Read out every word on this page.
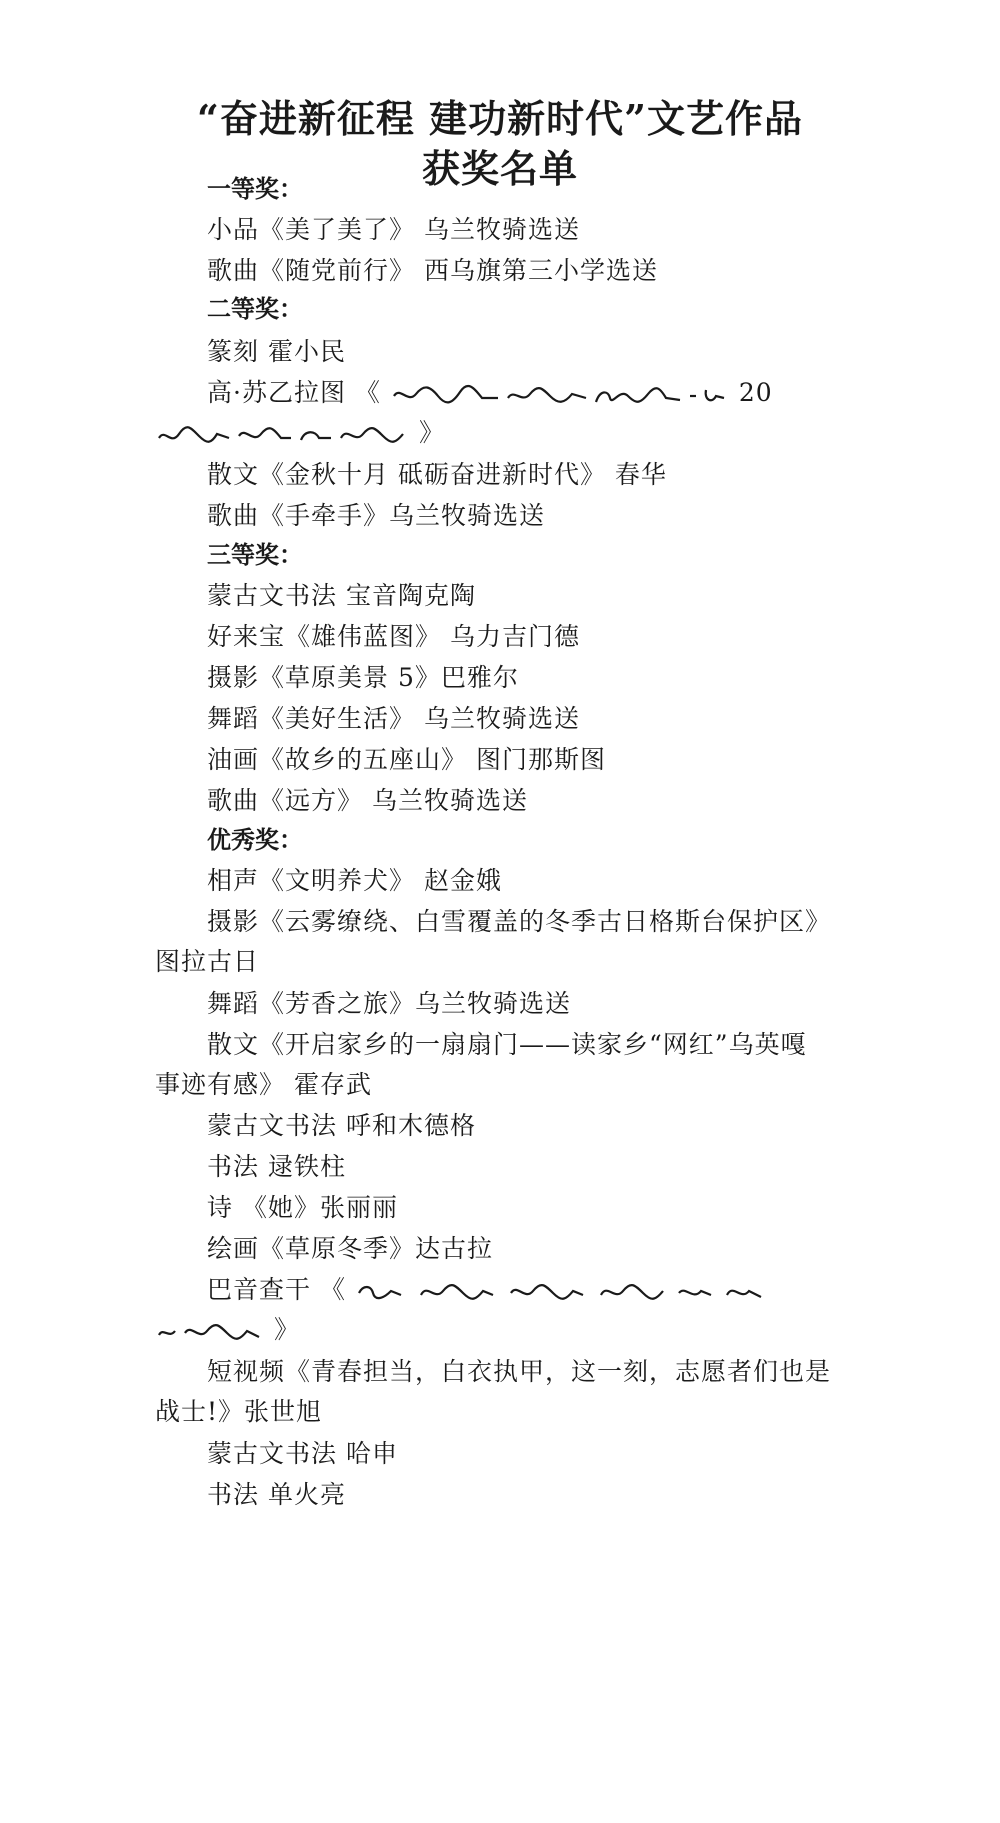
“奋进新征程 建功新时代”文艺作品
获奖名单
一等奖：
小品《美了美了》 乌兰牧骑选送
歌曲《随党前行》 西乌旗第三小学选送
二等奖：
篆刻 霍小民
高·苏乙拉图 《	20
》
散文《金秋十月 砥砺奋进新时代》 春华
歌曲《手牵手》乌兰牧骑选送
三等奖：
蒙古文书法 宝音陶克陶
好来宝《雄伟蓝图》 乌力吉门德
摄影《草原美景 5》巴雅尔
舞蹈《美好生活》 乌兰牧骑选送
油画《故乡的五座山》 图门那斯图
歌曲《远方》 乌兰牧骑选送
优秀奖：
相声《文明养犬》 赵金娥
摄影《云雾缭绕、白雪覆盖的冬季古日格斯台保护区》
图拉古日
舞蹈《芳香之旅》乌兰牧骑选送
散文《开启家乡的一扇扇门——读家乡“网红”乌英嘎
事迹有感》 霍存武
蒙古文书法 呼和木德格
书法 逯铁柱
诗 《她》张丽丽
绘画《草原冬季》达古拉
巴音查干 《
》
短视频《青春担当，白衣执甲，这一刻，志愿者们也是
战士!》张世旭
蒙古文书法 哈申
书法 单火亮
